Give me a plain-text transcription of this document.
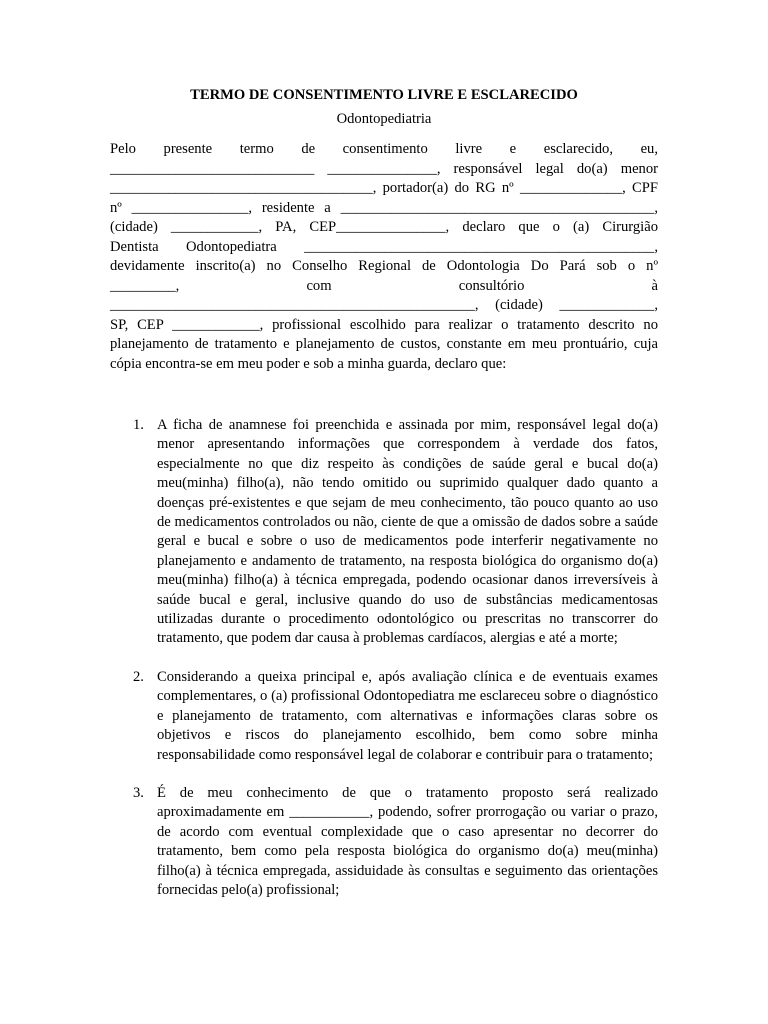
TERMO DE CONSENTIMENTO LIVRE E ESCLARECIDO
Odontopediatria
Pelo presente termo de consentimento livre e esclarecido, eu,
____________________________ _______________, responsável legal do(a) menor
____________________________________, portador(a) do RG nº ______________, CPF
nº ________________, residente a ___________________________________________,
(cidade) ____________, PA, CEP_______________, declaro que o (a) Cirurgião
Dentista Odontopediatra ________________________________________________,
devidamente inscrito(a) no Conselho Regional de Odontologia Do Pará sob o nº
_________, com consultório à
__________________________________________________, (cidade) _____________,
SP, CEP ____________, profissional escolhido para realizar o tratamento descrito no
planejamento de tratamento e planejamento de custos, constante em meu prontuário, cuja
cópia encontra-se em meu poder e sob a minha guarda, declaro que:
1. A ficha de anamnese foi preenchida e assinada por mim, responsável legal do(a) menor apresentando informações que correspondem à verdade dos fatos, especialmente no que diz respeito às condições de saúde geral e bucal do(a) meu(minha) filho(a), não tendo omitido ou suprimido qualquer dado quanto a doenças pré-existentes e que sejam de meu conhecimento, tão pouco quanto ao uso de medicamentos controlados ou não, ciente de que a omissão de dados sobre a saúde geral e bucal e sobre o uso de medicamentos pode interferir negativamente no planejamento e andamento de tratamento, na resposta biológica do organismo do(a) meu(minha) filho(a) à técnica empregada, podendo ocasionar danos irreversíveis à saúde bucal e geral, inclusive quando do uso de substâncias medicamentosas utilizadas durante o procedimento odontológico ou prescritas no transcorrer do tratamento, que podem dar causa à problemas cardíacos, alergias e até a morte;
2. Considerando a queixa principal e, após avaliação clínica e de eventuais exames complementares, o (a) profissional Odontopediatra me esclareceu sobre o diagnóstico e planejamento de tratamento, com alternativas e informações claras sobre os objetivos e riscos do planejamento escolhido, bem como sobre minha responsabilidade como responsável legal de colaborar e contribuir para o tratamento;
3. É de meu conhecimento de que o tratamento proposto será realizado aproximadamente em ___________, podendo, sofrer prorrogação ou variar o prazo, de acordo com eventual complexidade que o caso apresentar no decorrer do tratamento, bem como pela resposta biológica do organismo do(a) meu(minha) filho(a) à técnica empregada, assiduidade às consultas e seguimento das orientações fornecidas pelo(a) profissional;
